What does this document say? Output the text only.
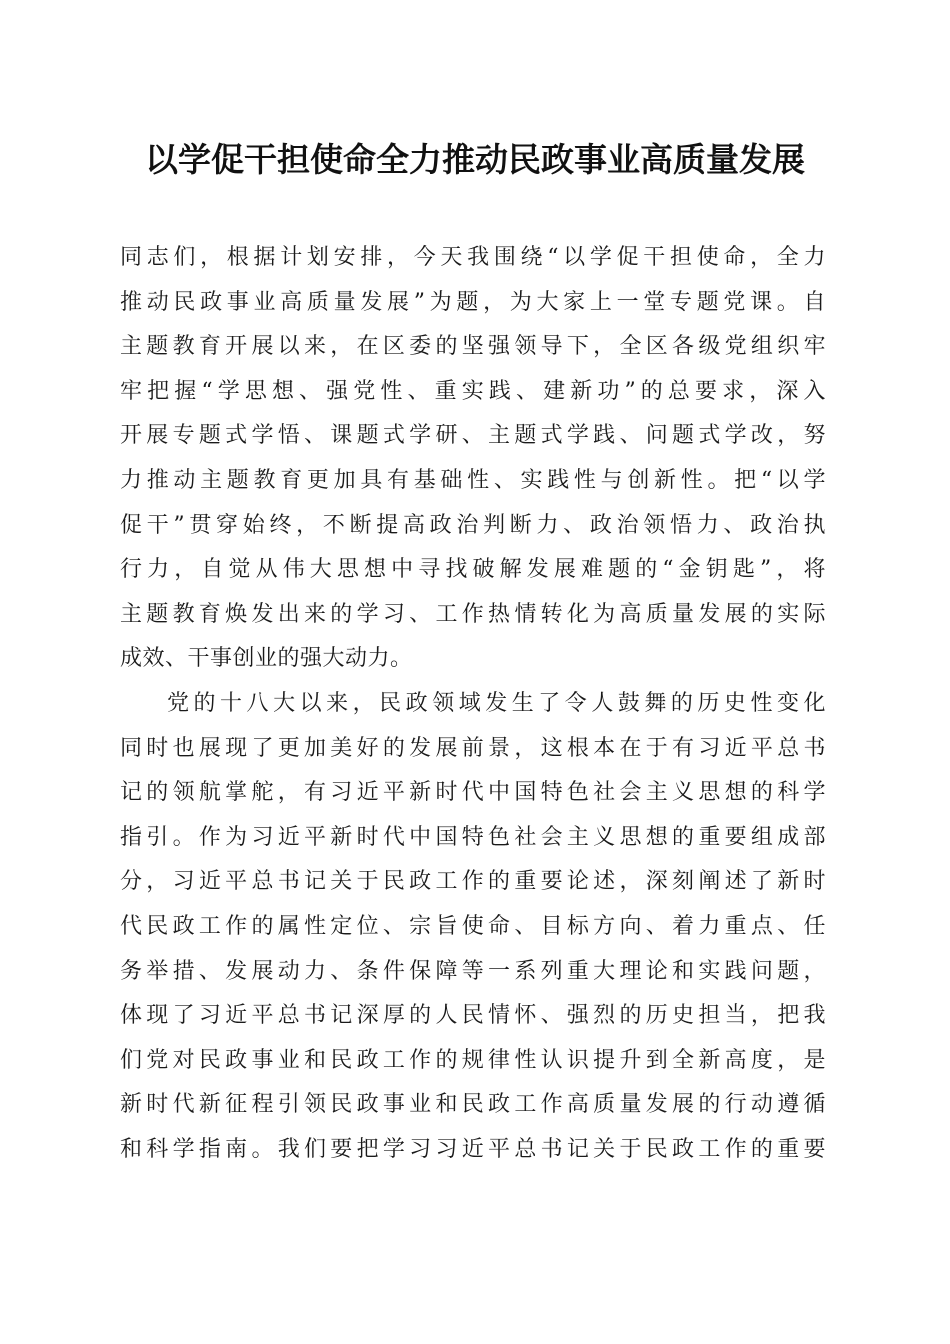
以学促干担使命全力推动民政事业高质量发展
同志们，根据计划安排，今天我围绕“以学促干担使命，全力
推动民政事业高质量发展”为题，为大家上一堂专题党课。自
主题教育开展以来，在区委的坚强领导下，全区各级党组织牢
牢把握“学思想、强党性、重实践、建新功”的总要求，深入
开展专题式学悟、课题式学研、主题式学践、问题式学改，努
力推动主题教育更加具有基础性、实践性与创新性。把“以学
促干”贯穿始终，不断提高政治判断力、政治领悟力、政治执
行力，自觉从伟大思想中寻找破解发展难题的“金钥匙”，将
主题教育焕发出来的学习、工作热情转化为高质量发展的实际
成效、干事创业的强大动力。
党的十八大以来，民政领域发生了令人鼓舞的历史性变化
同时也展现了更加美好的发展前景，这根本在于有习近平总书
记的领航掌舵，有习近平新时代中国特色社会主义思想的科学
指引。作为习近平新时代中国特色社会主义思想的重要组成部
分，习近平总书记关于民政工作的重要论述，深刻阐述了新时
代民政工作的属性定位、宗旨使命、目标方向、着力重点、任
务举措、发展动力、条件保障等一系列重大理论和实践问题，
体现了习近平总书记深厚的人民情怀、强烈的历史担当，把我
们党对民政事业和民政工作的规律性认识提升到全新高度，是
新时代新征程引领民政事业和民政工作高质量发展的行动遵循
和科学指南。我们要把学习习近平总书记关于民政工作的重要
